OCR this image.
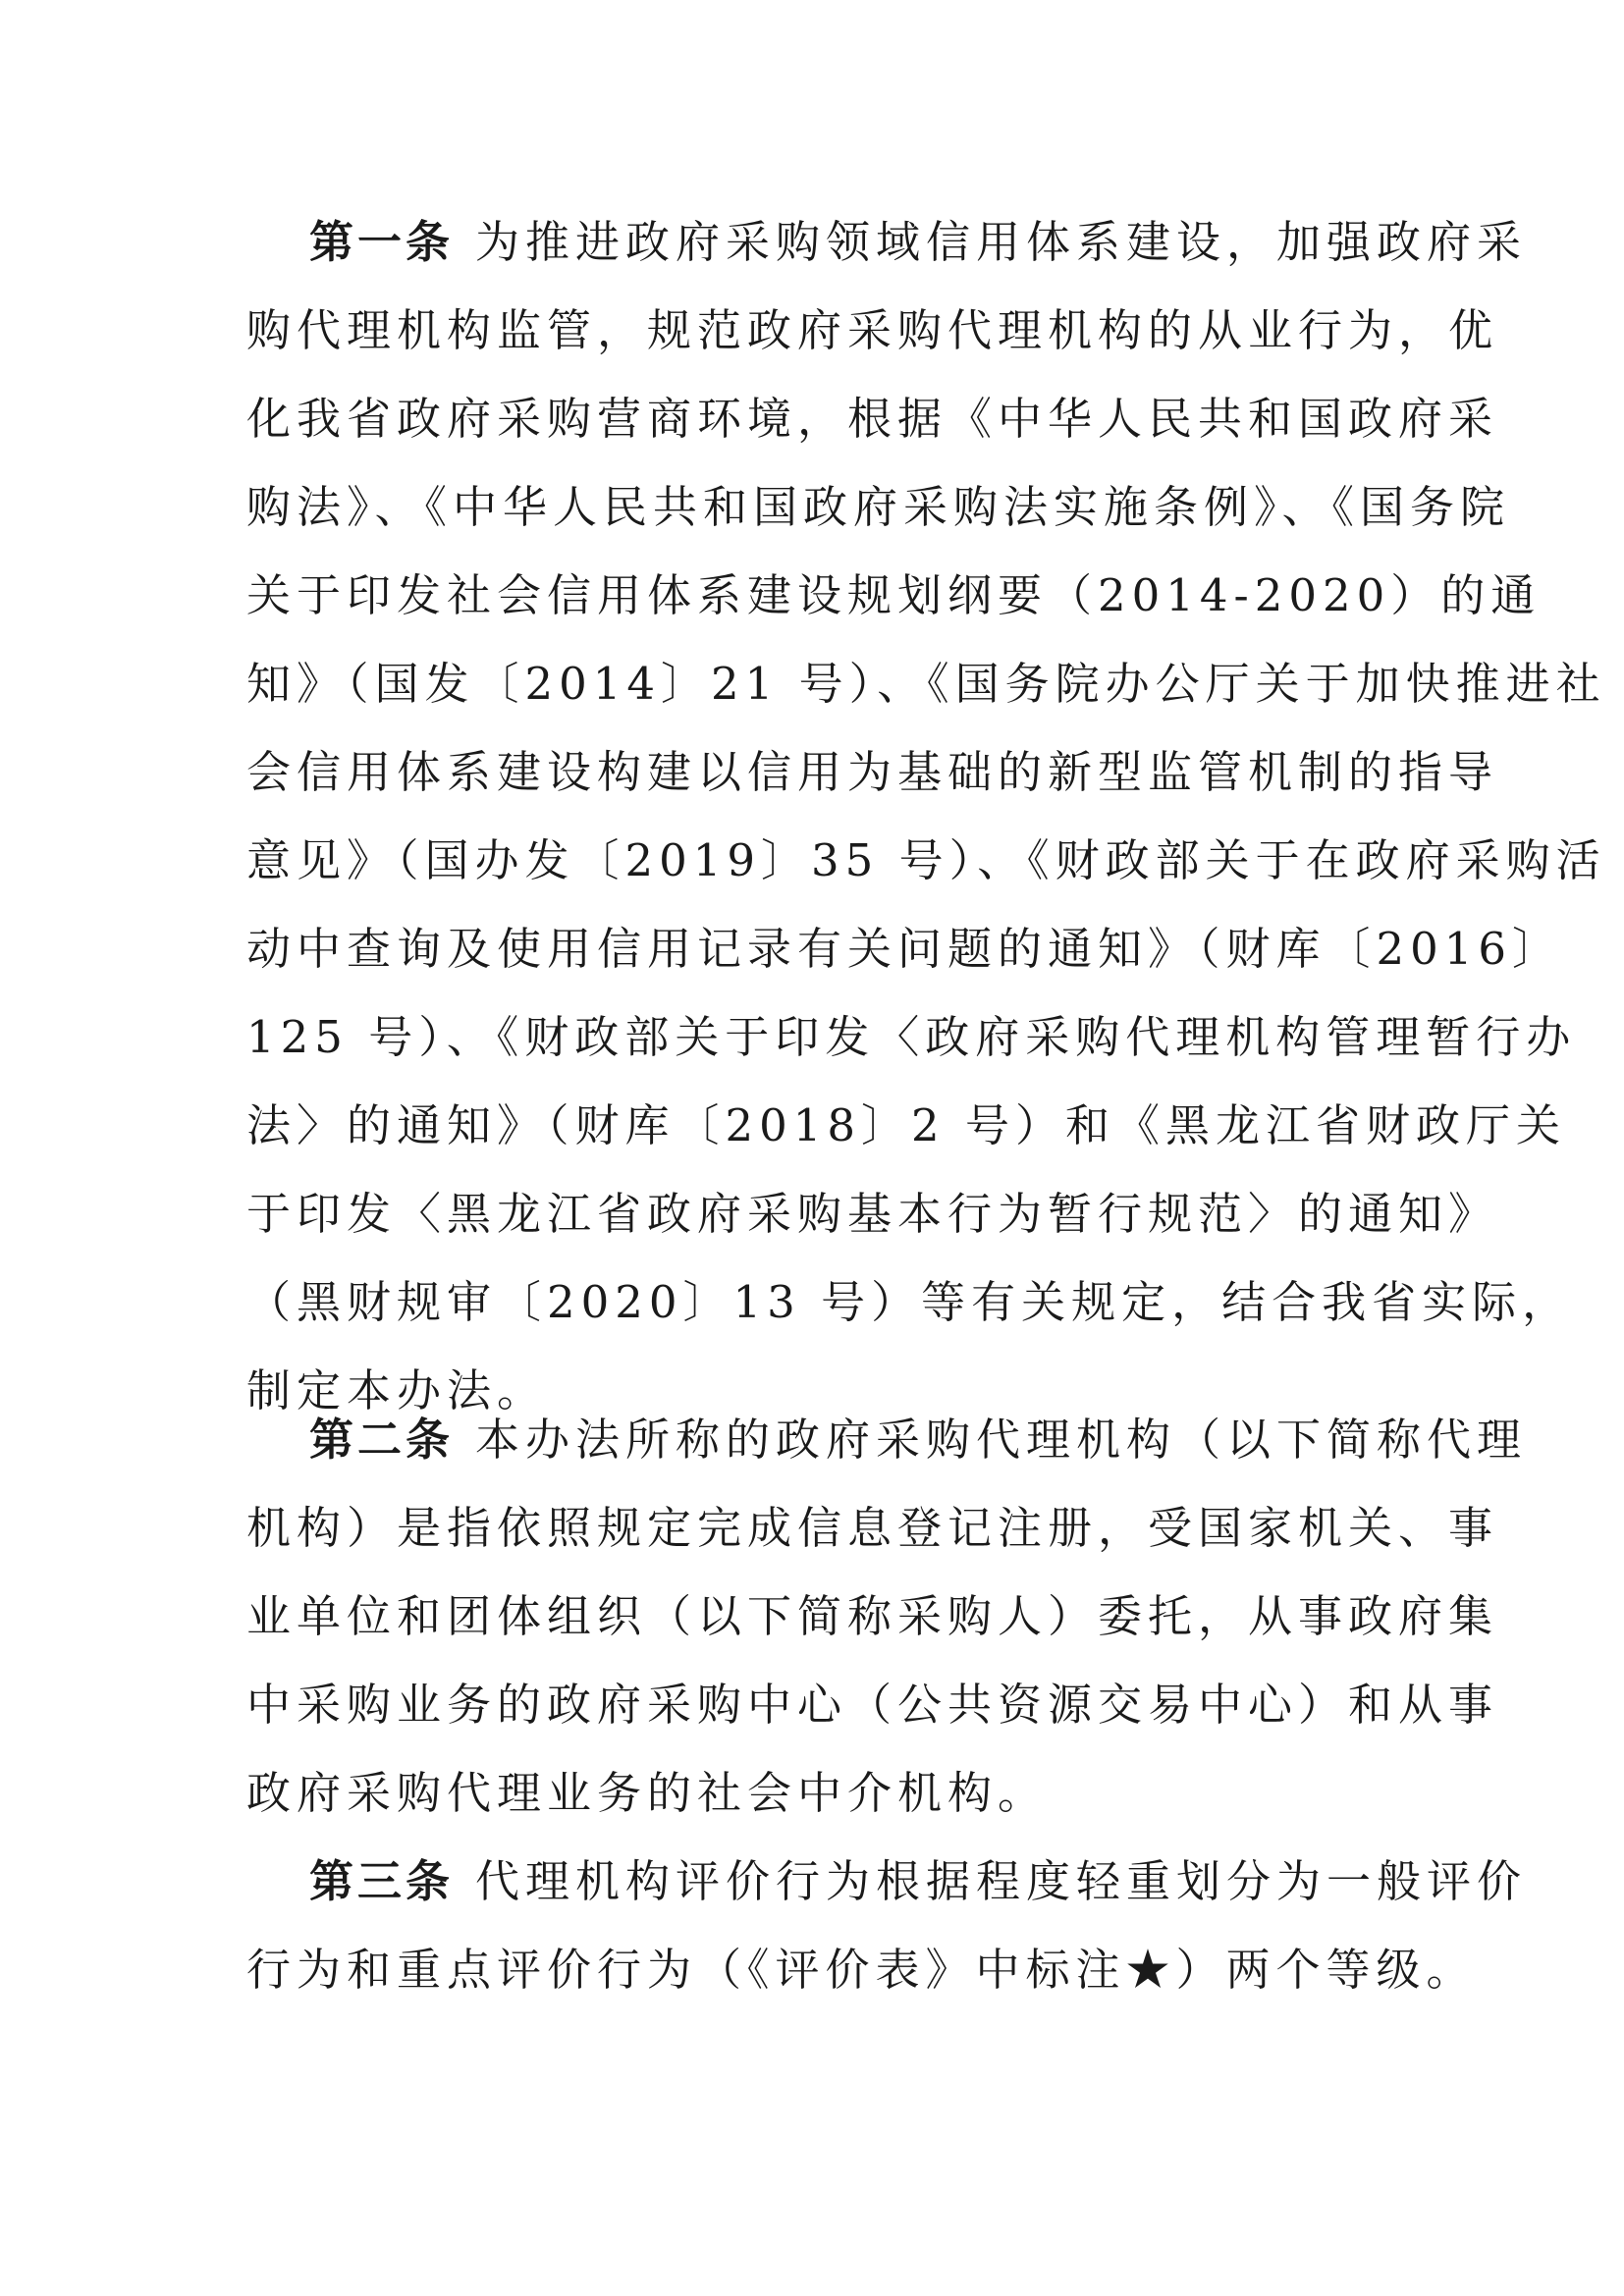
第一条 为推进政府采购领域信用体系建设，加强政府采
购代理机构监管，规范政府采购代理机构的从业行为，优
化我省政府采购营商环境，根据《中华人民共和国政府采
购法》、《中华人民共和国政府采购法实施条例》、《国务院
关于印发社会信用体系建设规划纲要（2014-2020）的通
知》（国发〔2014〕21 号）、《国务院办公厅关于加快推进社
会信用体系建设构建以信用为基础的新型监管机制的指导
意见》（国办发〔2019〕35 号）、《财政部关于在政府采购活
动中查询及使用信用记录有关问题的通知》（财库〔2016〕
125 号）、《财政部关于印发〈政府采购代理机构管理暂行办
法〉的通知》（财库〔2018〕2 号）和《黑龙江省财政厅关
于印发〈黑龙江省政府采购基本行为暂行规范〉的通知》
（黑财规审〔2020〕13 号）等有关规定，结合我省实际，
制定本办法。
第二条 本办法所称的政府采购代理机构（以下简称代理
机构）是指依照规定完成信息登记注册，受国家机关、事
业单位和团体组织（以下简称采购人）委托，从事政府集
中采购业务的政府采购中心（公共资源交易中心）和从事
政府采购代理业务的社会中介机构。
第三条 代理机构评价行为根据程度轻重划分为一般评价
行为和重点评价行为（《评价表》中标注★）两个等级。
